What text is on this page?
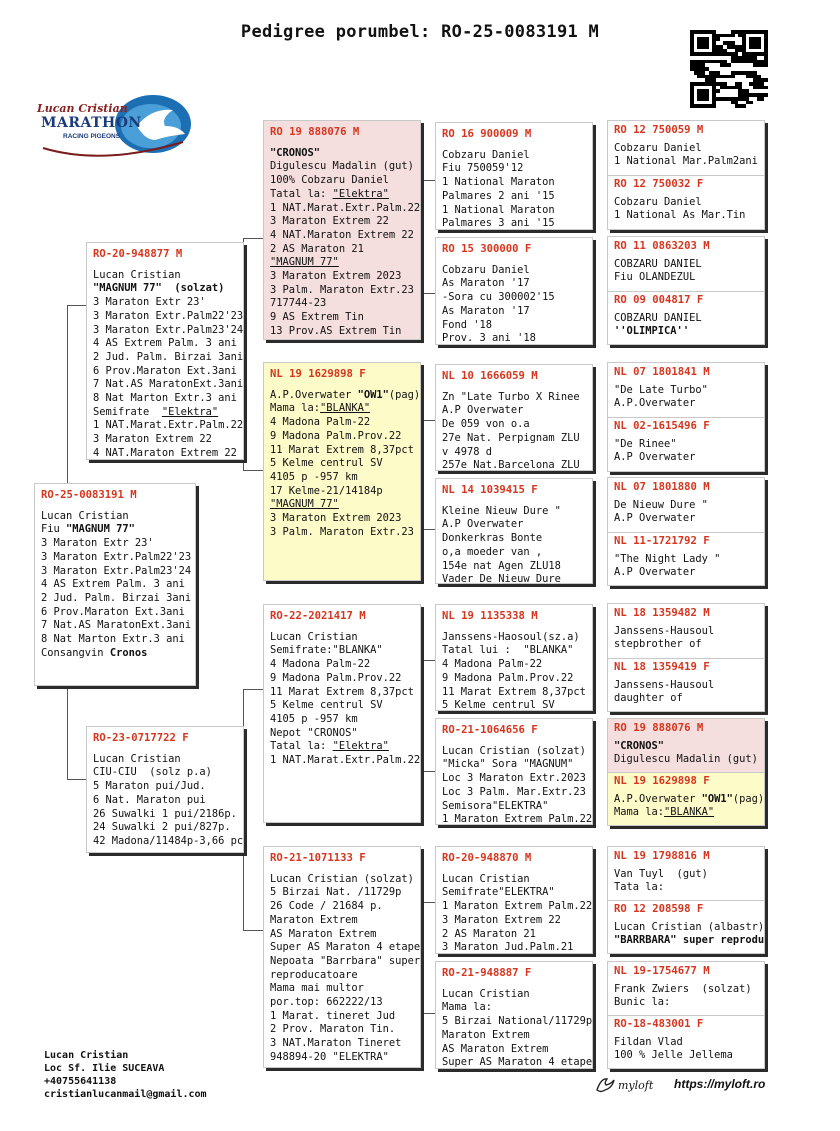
Pedigree porumbel: RO-25-0083191 M
Lucan Cristian
MARATHON
RACING PIGEONS
RO-25-0083191 M
Lucan Cristian
Fiu "MAGNUM 77"
3 Maraton Extr 23'
3 Maraton Extr.Palm22'23
3 Maraton Extr.Palm23'24
4 AS Extrem Palm. 3 ani
2 Jud. Palm. Birzai 3ani
6 Prov.Maraton Ext.3ani
7 Nat.AS MaratonExt.3ani
8 Nat Marton Extr.3 ani
Consangvin Cronos
RO-20-948877 M
Lucan Cristian
"MAGNUM 77"  (solzat)
3 Maraton Extr 23'
3 Maraton Extr.Palm22'23
3 Maraton Extr.Palm23'24
4 AS Extrem Palm. 3 ani
2 Jud. Palm. Birzai 3ani
6 Prov.Maraton Ext.3ani
7 Nat.AS MaratonExt.3ani
8 Nat Marton Extr.3 ani
Semifrate  "Elektra"
1 NAT.Marat.Extr.Palm.22
3 Maraton Extrem 22
4 NAT.Maraton Extrem 22
RO-23-0717722 F
Lucan Cristian
CIU-CIU  (solz p.a)
5 Maraton pui/Jud.
6 Nat. Maraton pui
26 Suwalki 1 pui/2186p.
24 Suwalki 2 pui/827p.
42 Madona/11484p-3,66 pc
RO 19 888076 M
"CRONOS"
Digulescu Madalin (gut)
100% Cobzaru Daniel
Tatal la: "Elektra"
1 NAT.Marat.Extr.Palm.22
3 Maraton Extrem 22
4 NAT.Maraton Extrem 22
2 AS Maraton 21
"MAGNUM 77"
3 Maraton Extrem 2023
3 Palm. Maraton Extr.23
717744-23
9 AS Extrem Tin
13 Prov.AS Extrem Tin
NL 19 1629898 F
A.P.Overwater "OW1"(pag)
Mama la:"BLANKA"
4 Madona Palm-22
9 Madona Palm.Prov.22
11 Marat Extrem 8,37pct
5 Kelme centrul SV
4105 p -957 km
17 Kelme-21/14184p
"MAGNUM 77"
3 Maraton Extrem 2023
3 Palm. Maraton Extr.23
RO-22-2021417 M
Lucan Cristian
Semifrate:"BLANKA"
4 Madona Palm-22
9 Madona Palm.Prov.22
11 Marat Extrem 8,37pct
5 Kelme centrul SV
4105 p -957 km
Nepot "CRONOS"
Tatal la: "Elektra"
1 NAT.Marat.Extr.Palm.22
RO-21-1071133 F
Lucan Cristian (solzat)
5 Birzai Nat. /11729p
26 Code / 21684 p.
Maraton Extrem
AS Maraton Extrem
Super AS Maraton 4 etape
Nepoata "Barrbara" super
reproducatoare
Mama mai multor
por.top: 662222/13
1 Marat. tineret Jud
2 Prov. Maraton Tin.
3 NAT.Maraton Tineret
948894-20 "ELEKTRA"
RO 16 900009 M
Cobzaru Daniel
Fiu 750059'12
1 National Maraton
Palmares 2 ani '15
1 National Maraton
Palmares 3 ani '15
RO 15 300000 F
Cobzaru Daniel
As Maraton '17
-Sora cu 300002'15
As Maraton '17
Fond '18
Prov. 3 ani '18
NL 10 1666059 M
Zn "Late Turbo X Rinee
A.P Overwater
De 059 von o.a
27e Nat. Perpignam ZLU
v 4978 d
257e Nat.Barcelona ZLU
NL 14 1039415 F
Kleine Nieuw Dure "
A.P Overwater
Donkerkras Bonte
o,a moeder van ,
154e nat Agen ZLU18
Vader De Nieuw Dure
NL 19 1135338 M
Janssens-Haosoul(sz.a)
Tatal lui :  "BLANKA"
4 Madona Palm-22
9 Madona Palm.Prov.22
11 Marat Extrem 8,37pct
5 Kelme centrul SV
RO-21-1064656 F
Lucan Cristian (solzat)
"Micka" Sora "MAGNUM"
Loc 3 Maraton Extr.2023
Loc 3 Palm. Mar.Extr.23
Semisora"ELEKTRA"
1 Maraton Extrem Palm.22
RO-20-948870 M
Lucan Cristian
Semifrate"ELEKTRA"
1 Maraton Extrem Palm.22
3 Maraton Extrem 22
2 AS Maraton 21
3 Maraton Jud.Palm.21
RO-21-948887 F
Lucan Cristian
Mama la:
5 Birzai National/11729p
Maraton Extrem
AS Maraton Extrem
Super AS Maraton 4 etape
RO 12 750059 M
Cobzaru Daniel
1 National Mar.Palm2ani
RO 12 750032 F
Cobzaru Daniel
1 National As Mar.Tin
RO 11 0863203 M
COBZARU DANIEL
Fiu OLANDEZUL
RO 09 004817 F
COBZARU DANIEL
''OLIMPICA''
NL 07 1801841 M
"De Late Turbo"
A.P.Overwater
NL 02-1615496 F
"De Rinee"
A.P Overwater
NL 07 1801880 M
De Nieuw Dure "
A.P Overwater
NL 11-1721792 F
"The Night Lady "
A.P Overwater
NL 18 1359482 M
Janssens-Hausoul
stepbrother of
NL 18 1359419 F
Janssens-Hausoul
daughter of
RO 19 888076 M
"CRONOS"
Digulescu Madalin (gut)
NL 19 1629898 F
A.P.Overwater "OW1"(pag)
Mama la:"BLANKA"
NL 19 1798816 M
Van Tuyl  (gut)
Tata la:
RO 12 208598 F
Lucan Cristian (albastr)
"BARRBARA" super reprodu
NL 19-1754677 M
Frank Zwiers  (solzat)
Bunic la:
RO-18-483001 F
Fildan Vlad
100 % Jelle Jellema
Lucan Cristian
Loc Sf. Ilie SUCEAVA
+40755641138
cristianlucanmail@gmail.com
myloft https://myloft.ro
